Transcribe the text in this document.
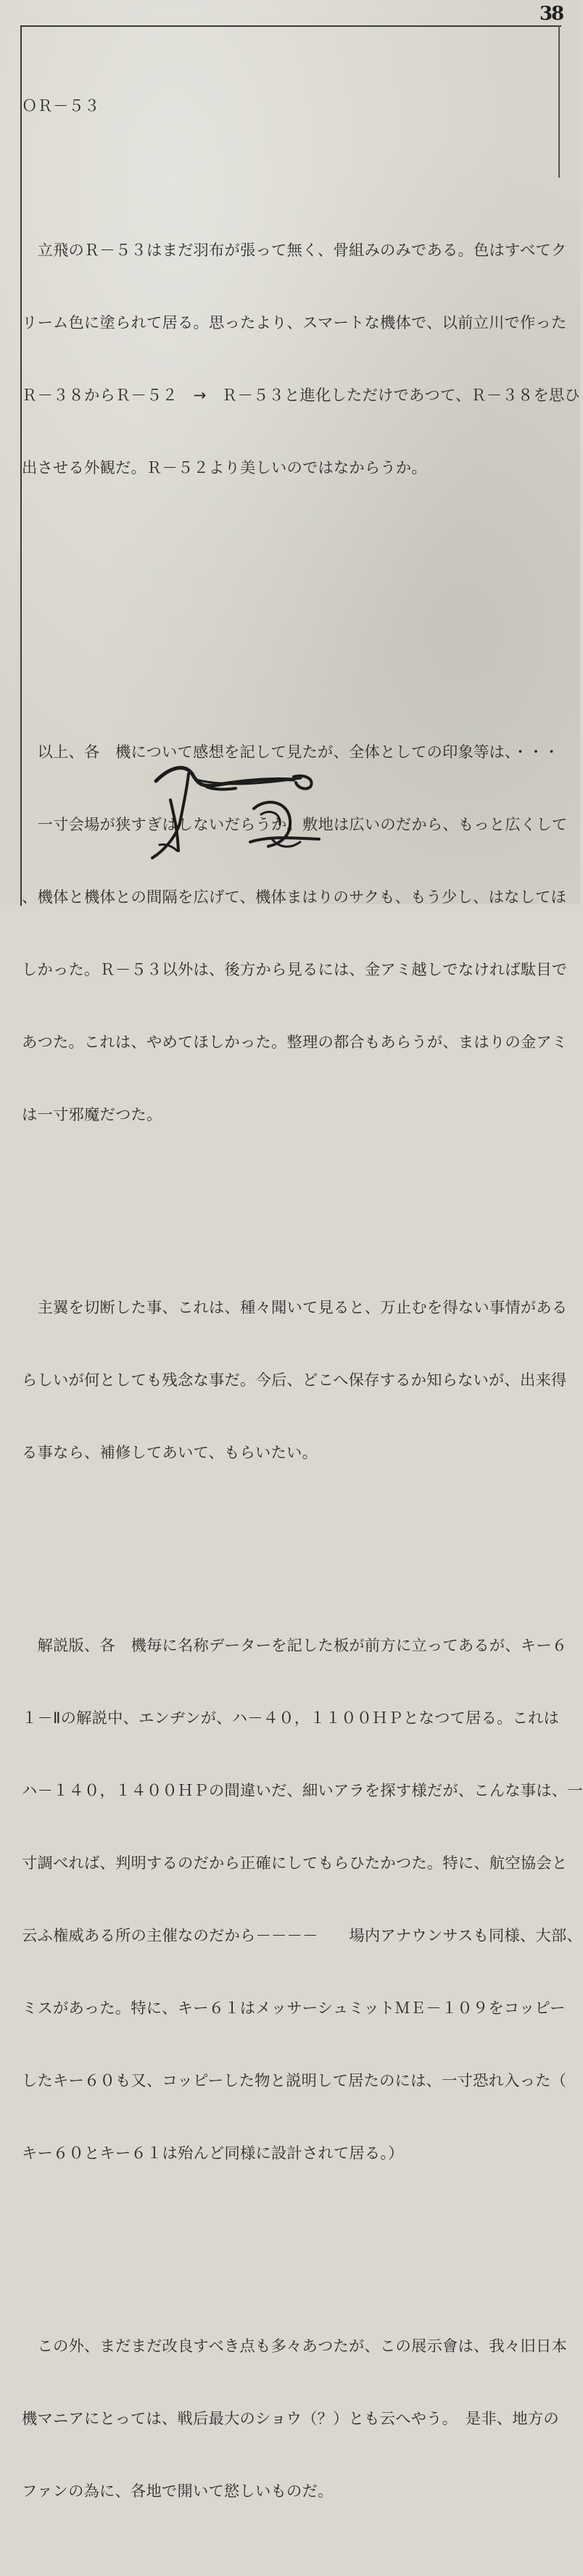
38

ＯＲ－５３

　立飛のＲ－５３はまだ羽布が張って無く、骨組みのみである。色はすべてク

リーム色に塗られて居る。思ったより、スマートな機体で、以前立川で作った

Ｒ－３８からＲ－５２　→　Ｒ－５３と進化しただけであつて、Ｒ－３８を思ひ

出させる外観だ。Ｒ－５２より美しいのではなからうか。

　以上、各　機について感想を記して見たが、全体としての印象等は、・・・

　一寸会場が狭すぎはしないだらうか。敷地は広いのだから、もっと広くして

、機体と機体との間隔を広げて、機体まはりのサクも、もう少し、はなしてほ

しかった。Ｒ－５３以外は、後方から見るには、金アミ越しでなければ駄目で

あつた。これは、やめてほしかった。整理の都合もあらうが、まはりの金アミ

は一寸邪魔だつた。

　主翼を切断した事、これは、種々聞いて見ると、万止むを得ない事情がある

らしいが何としても残念な事だ。今后、どこへ保存するか知らないが、出来得

る事なら、補修してあいて、もらいたい。

　解説版、各　機毎に名称データーを記した板が前方に立ってあるが、キー６

１－Ⅱの解説中、エンヂンが、ハ－４０，１１００ＨＰとなつて居る。これは

ハ－１４０，１４００ＨＰの間違いだ、細いアラを探す様だが、こんな事は、一

寸調べれば、判明するのだから正確にしてもらひたかつた。特に、航空協会と

云ふ権威ある所の主催なのだから－－－－　　場内アナウンサスも同様、大部、

ミスがあった。特に、キー６１はメッサーシュミットＭＥ－１０９をコッピー

したキー６０も又、コッピーした物と説明して居たのには、一寸恐れ入った（

キー６０とキー６１は殆んど同様に設計されて居る。）

　この外、まだまだ改良すべき点も多々あつたが、この展示會は、我々旧日本

機マニアにとっては、戦后最大のショウ（？）とも云へやう。　是非、地方の

ファンの為に、各地で開いて慾しいものだ。
